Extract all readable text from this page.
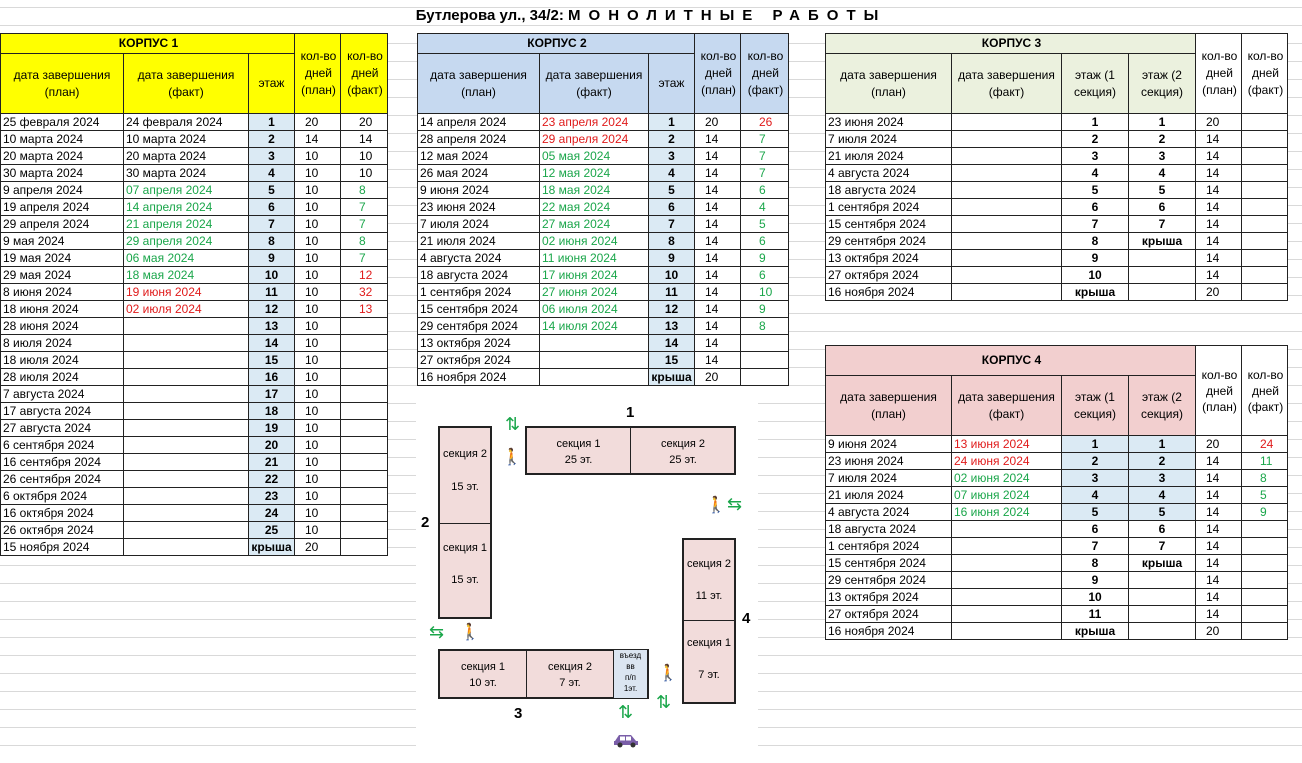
Бутлерова ул., 34/2: МОНОЛИТНЫЕ РАБОТЫ
КОРПУС 1			кол-во дней (план)	кол-во дней (факт)
дата завершения (план)	дата завершения (факт)	этаж		
25 февраля 2024	24 февраля 2024	1	20	20
10 марта 2024	10 марта 2024	2	14	14
20 марта 2024	20 марта 2024	3	10	10
30 марта 2024	30 марта 2024	4	10	10
9 апреля 2024	07 апреля 2024	5	10	8
19 апреля 2024	14 апреля 2024	6	10	7
29 апреля 2024	21 апреля 2024	7	10	7
9 мая 2024	29 апреля 2024	8	10	8
19 мая 2024	06 мая 2024	9	10	7
29 мая 2024	18 мая 2024	10	10	12
8 июня 2024	19 июня 2024	11	10	32
18 июня 2024	02 июля 2024	12	10	13
28 июня 2024		13	10	
8 июля 2024		14	10	
18 июля 2024		15	10	
28 июля 2024		16	10	
7 августа 2024		17	10	
17 августа 2024		18	10	
27 августа 2024		19	10	
6 сентября 2024		20	10	
16 сентября 2024		21	10	
26 сентября 2024		22	10	
6 октября 2024		23	10	
16 октября 2024		24	10	
26 октября 2024		25	10	
15 ноября 2024		крыша	20	
КОРПУС 2			кол-во дней (план)	кол-во дней (факт)
дата завершения (план)	дата завершения (факт)	этаж		
14 апреля 2024	23 апреля 2024	1	20	26
28 апреля 2024	29 апреля 2024	2	14	7
12 мая 2024	05 мая 2024	3	14	7
26 мая 2024	12 мая 2024	4	14	7
9 июня 2024	18 мая 2024	5	14	6
23 июня 2024	22 мая 2024	6	14	4
7 июля 2024	27 мая 2024	7	14	5
21 июля 2024	02 июня 2024	8	14	6
4 августа 2024	11 июня 2024	9	14	9
18 августа 2024	17 июня 2024	10	14	6
1 сентября 2024	27 июня 2024	11	14	10
15 сентября 2024	06 июля 2024	12	14	9
29 сентября 2024	14 июля 2024	13	14	8
13 октября 2024		14	14	
27 октября 2024		15	14	
16 ноября 2024		крыша	20	
КОРПУС 3				кол-во дней (план)	кол-во дней (факт)
дата завершения (план)	дата завершения (факт)	этаж (1 секция)	этаж (2 секция)		
23 июня 2024		1	1	20	
7 июля 2024		2	2	14	
21 июля 2024		3	3	14	
4 августа 2024		4	4	14	
18 августа 2024		5	5	14	
1 сентября 2024		6	6	14	
15 сентября 2024		7	7	14	
29 сентября 2024		8	крыша	14	
13 октября 2024		9		14	
27 октября 2024		10		14	
16 ноября 2024		крыша		20	
КОРПУС 4				кол-во дней (план)	кол-во дней (факт)
дата завершения (план)	дата завершения (факт)	этаж (1 секция)	этаж (2 секция)		
9 июня 2024	13 июня 2024	1	1	20	24
23 июня 2024	24 июня 2024	2	2	14	11
7 июля 2024	02 июня 2024	3	3	14	8
21 июля 2024	07 июня 2024	4	4	14	5
4 августа 2024	16 июня 2024	5	5	14	9
18 августа 2024		6	6	14	
1 сентября 2024		7	7	14	
15 сентября 2024		8	крыша	14	
29 сентября 2024		9		14	
13 октября 2024		10		14	
27 октября 2024		11		14	
16 ноября 2024		крыша		20	
1
секция 1
25 эт.
секция 2
25 эт.
2
секция 2
15 эт.
секция 1
15 эт.
3
секция 1
10 эт.
секция 2
7 эт.
въезд вв п/п 1эт.
4
секция 2
11 эт.
секция 1
7 эт.
⇅
🚶
🚶 ⇆
⇆ 🚶
🚶
⇅
⇅
